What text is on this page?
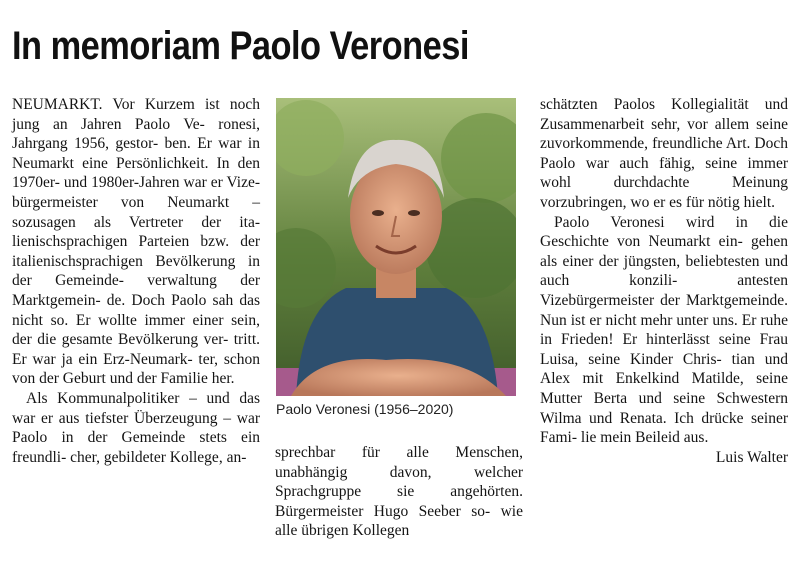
In memoriam Paolo Veronesi

NEUMARKT. Vor Kurzem ist noch jung an Jahren Paolo Ve- ronesi, Jahrgang 1956, gestor- ben. Er war in Neumarkt eine Persönlichkeit. In den 1970er- und 1980er-Jahren war er Vize- bürgermeister von Neumarkt – sozusagen als Vertreter der ita- lienischsprachigen Parteien bzw. der italienischsprachigen Bevölkerung in der Gemeinde- verwaltung der Marktgemein- de. Doch Paolo sah das nicht so. Er wollte immer einer sein, der die gesamte Bevölkerung ver- tritt. Er war ja ein Erz-Neumark- ter, schon von der Geburt und der Familie her.

Als Kommunalpolitiker – und das war er aus tiefster Überzeugung – war Paolo in der Gemeinde stets ein freundli- cher, gebildeter Kollege, an-

Paolo Veronesi (1956–2020)

sprechbar für alle Menschen, unabhängig davon, welcher Sprachgruppe sie angehörten. Bürgermeister Hugo Seeber so- wie alle übrigen Kollegen

schätzten Paolos Kollegialität und Zusammenarbeit sehr, vor allem seine zuvorkommende, freundliche Art. Doch Paolo war auch fähig, seine immer wohl durchdachte Meinung vorzubringen, wo er es für nötig hielt.

Paolo Veronesi wird in die Geschichte von Neumarkt ein- gehen als einer der jüngsten, beliebtesten und auch konzili- antesten Vizebürgermeister der Marktgemeinde. Nun ist er nicht mehr unter uns. Er ruhe in Frieden! Er hinterlässt seine Frau Luisa, seine Kinder Chris- tian und Alex mit Enkelkind Matilde, seine Mutter Berta und seine Schwestern Wilma und Renata. Ich drücke seiner Fami- lie mein Beileid aus.

Luis Walter
